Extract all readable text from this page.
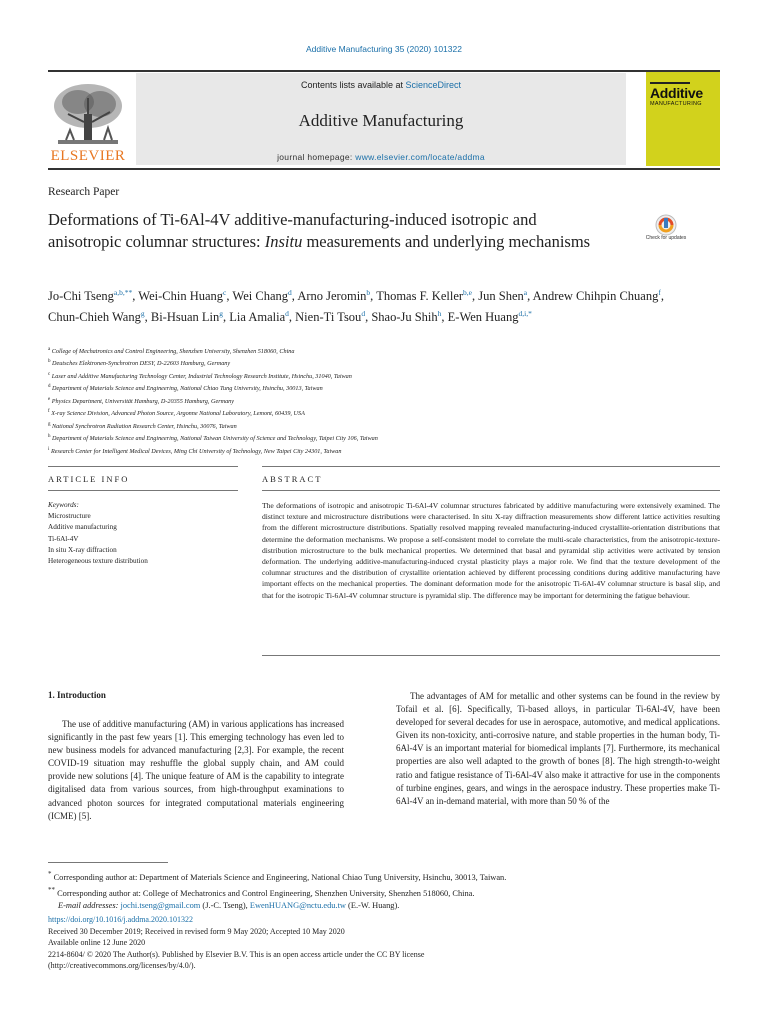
Additive Manufacturing 35 (2020) 101322
ELSEVIER
Contents lists available at ScienceDirect
Additive Manufacturing
journal homepage: www.elsevier.com/locate/addma
Additive
MANUFACTURING
Research Paper
Deformations of Ti-6Al-4V additive-manufacturing-induced isotropic and anisotropic columnar structures: Insitu measurements and underlying mechanisms	Check for updates
Jo-Chi Tseng$^{a,b,**}$, Wei-Chin Huang$^c$, Wei Chang$^d$, Arno Jeromin$^b$, Thomas F. Keller$^{b,e}$, Jun Shen$^a$, Andrew Chihpin Chuang$^f$, Chun-Chieh Wang$^g$, Bi-Hsuan Lin$^g$, Lia Amalia$^d$, Nien-Ti Tsou$^d$, Shao-Ju Shih$^h$, E-Wen Huang$^{d,i,*}$
$^a$ College of Mechatronics and Control Engineering, Shenzhen University, Shenzhen 518060, China
$^b$ Deutsches Elektronen-Synchrotron DESY, D-22603 Hamburg, Germany
$^c$ Laser and Additive Manufacturing Technology Center, Industrial Technology Research Institute, Hsinchu, 31040, Taiwan
$^d$ Department of Materials Science and Engineering, National Chiao Tung University, Hsinchu, 30013, Taiwan
$^e$ Physics Department, Universität Hamburg, D-20355 Hamburg, Germany
$^f$ X-ray Science Division, Advanced Photon Source, Argonne National Laboratory, Lemont, 60439, USA
$^g$ National Synchrotron Radiation Research Center, Hsinchu, 30076, Taiwan
$^h$ Department of Materials Science and Engineering, National Taiwan University of Science and Technology, Taipei City 106, Taiwan
$^i$ Research Center for Intelligent Medical Devices, Ming Chi University of Technology, New Taipei City 24301, Taiwan
ARTICLE INFO	ABSTRACT
Keywords:
Microstructure
Additive manufacturing
Ti-6Al-4V
In situ X-ray diffraction
Heterogeneous texture distribution
The deformations of isotropic and anisotropic Ti-6Al-4V columnar structures fabricated by additive manufacturing were extensively examined. The distinct texture and microstructure distributions were characterised. In situ X-ray diffraction measurements show different lattice activities resulting from the different microstructure distributions. Spatially resolved mapping revealed manufacturing-induced crystallite-orientation distributions that determine the deformation mechanisms. We propose a self-consistent model to correlate the multi-scale characteristics, from the anisotropic-texture-distribution microstructure to the bulk mechanical properties. We determined that basal and pyramidal slip activities were activated by tension deformation. The underlying additive-manufacturing-induced crystal plasticity plays a major role. We find that the texture development of the columnar structures and the distribution of crystallite orientation achieved by different processing conditions during additive manufacturing have important effects on the mechanical properties. The dominant deformation mode for the anisotropic Ti-6Al-4V columnar structure is basal slip, and that for the isotropic Ti-6Al-4V columnar structure is pyramidal slip. The difference may be important for determining the fatigue behaviour.
1. Introduction

The use of additive manufacturing (AM) in various applications has increased significantly in the past few years [1]. This emerging technology has even led to new business models for advanced manufacturing [2,3]. For example, the recent COVID-19 situation may reshuffle the global supply chain, and AM could provide new solutions [4]. The unique feature of AM is the capability to integrate digitalised data from various sources, from high-throughput examinations to advanced photon sources for integrated computational materials engineering (ICME) [5].

The advantages of AM for metallic and other systems can be found in the review by Tofail et al. [6]. Specifically, Ti-based alloys, in particular Ti-6Al-4V, have been developed for several decades for use in aerospace, automotive, and medical applications. Given its non-toxicity, anti-corrosive nature, and stable properties in the human body, Ti-6Al-4V is an important material for biomedical implants [7]. Furthermore, its mechanical properties are also well adapted to the growth of bones [8]. The high strength-to-weight ratio and fatigue resistance of Ti-6Al-4V also make it attractive for use in the components of turbine engines, gears, and wings in the aerospace industry. These properties make Ti-6Al-4V an in-demand material, with more than 50 % of the

* Corresponding author at: Department of Materials Science and Engineering, National Chiao Tung University, Hsinchu, 30013, Taiwan.
** Corresponding author at: College of Mechatronics and Control Engineering, Shenzhen University, Shenzhen 518060, China.
E-mail addresses: jochi.tseng@gmail.com (J.-C. Tseng), EwenHUANG@nctu.edu.tw (E.-W. Huang).
https://doi.org/10.1016/j.addma.2020.101322
Received 30 December 2019; Received in revised form 9 May 2020; Accepted 10 May 2020
Available online 12 June 2020
2214-8604/ © 2020 The Author(s). Published by Elsevier B.V. This is an open access article under the CC BY license
(http://creativecommons.org/licenses/by/4.0/).
